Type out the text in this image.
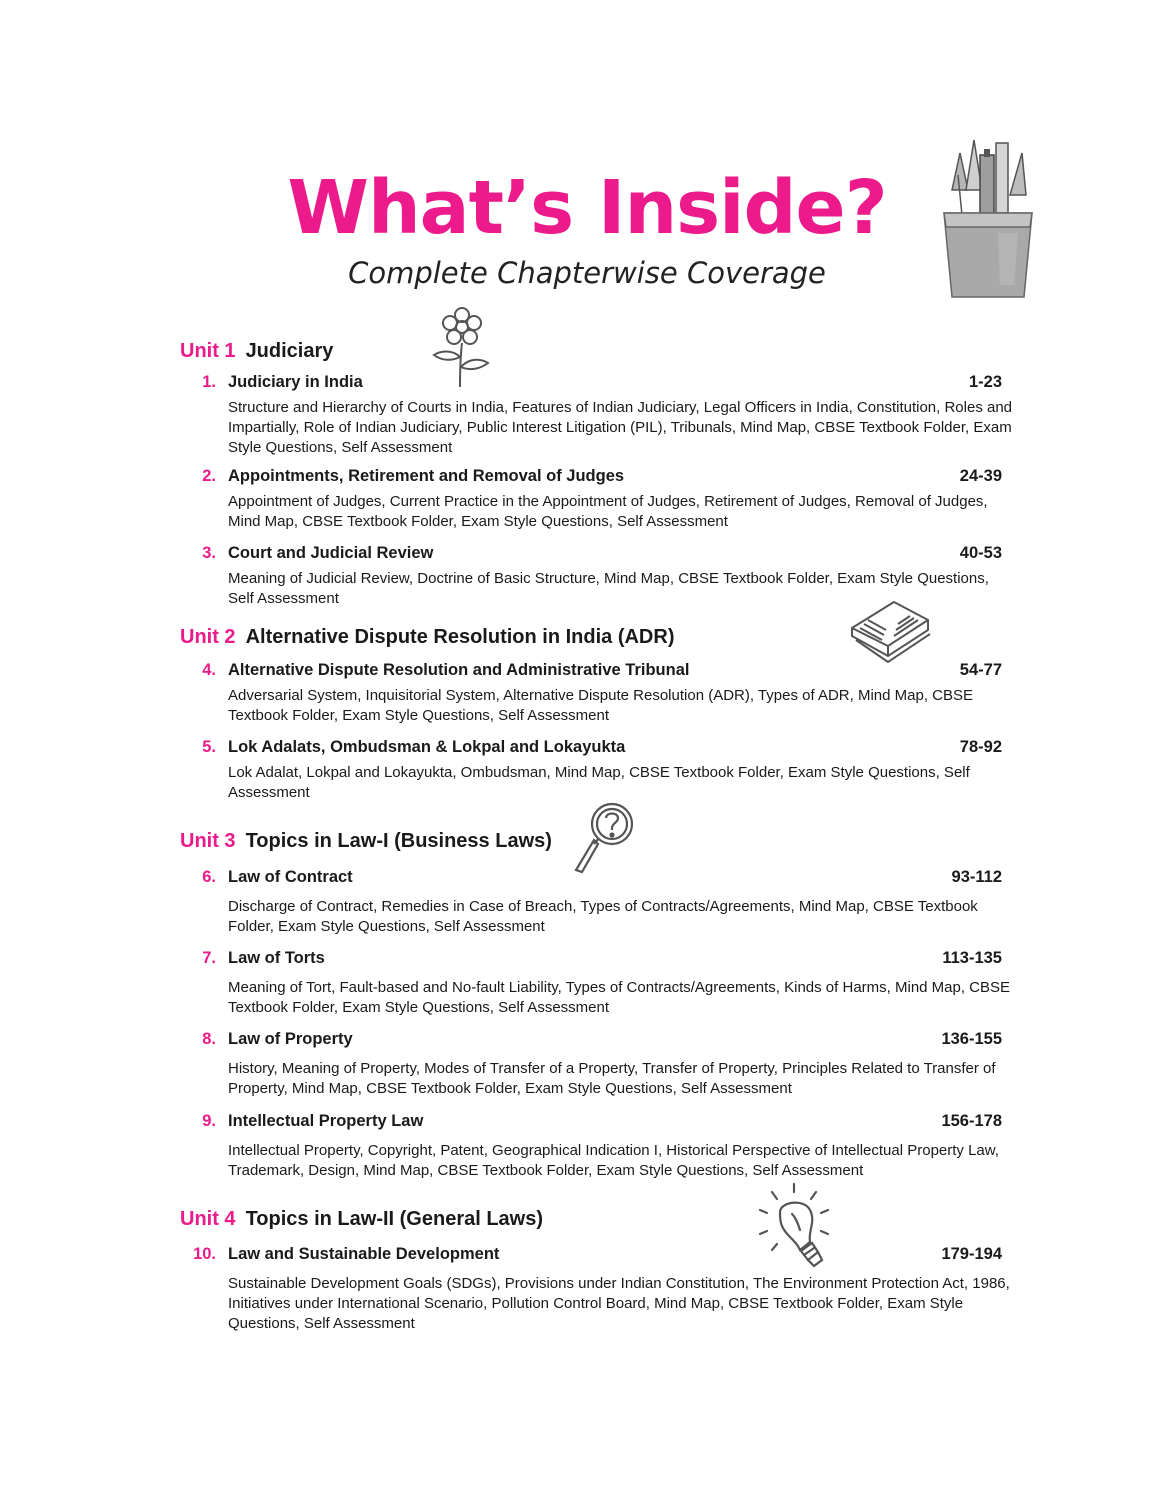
What’s Inside?
Complete Chapterwise Coverage
Unit 1 Judiciary
1. Judiciary in India	1-23
Structure and Hierarchy of Courts in India, Features of Indian Judiciary, Legal Officers in India, Constitution, Roles and Impartially, Role of Indian Judiciary, Public Interest Litigation (PIL), Tribunals, Mind Map, CBSE Textbook Folder, Exam Style Questions, Self Assessment
2. Appointments, Retirement and Removal of Judges	24-39
Appointment of Judges, Current Practice in the Appointment of Judges, Retirement of Judges, Removal of Judges, Mind Map, CBSE Textbook Folder, Exam Style Questions, Self Assessment
3. Court and Judicial Review	40-53
Meaning of Judicial Review, Doctrine of Basic Structure, Mind Map, CBSE Textbook Folder, Exam Style Questions, Self Assessment
Unit 2 Alternative Dispute Resolution in India (ADR)
4. Alternative Dispute Resolution and Administrative Tribunal	54-77
Adversarial System, Inquisitorial System, Alternative Dispute Resolution (ADR), Types of ADR, Mind Map, CBSE Textbook Folder, Exam Style Questions, Self Assessment
5. Lok Adalats, Ombudsman & Lokpal and Lokayukta	78-92
Lok Adalat, Lokpal and Lokayukta, Ombudsman, Mind Map, CBSE Textbook Folder, Exam Style Questions, Self Assessment
Unit 3 Topics in Law-I (Business Laws)
6. Law of Contract	93-112
Discharge of Contract, Remedies in Case of Breach, Types of Contracts/Agreements, Mind Map, CBSE Textbook Folder, Exam Style Questions, Self Assessment
7. Law of Torts	113-135
Meaning of Tort, Fault-based and No-fault Liability, Types of Contracts/Agreements, Kinds of Harms, Mind Map, CBSE Textbook Folder, Exam Style Questions, Self Assessment
8. Law of Property	136-155
History, Meaning of Property, Modes of Transfer of a Property, Transfer of Property, Principles Related to Transfer of Property, Mind Map, CBSE Textbook Folder, Exam Style Questions, Self Assessment
9. Intellectual Property Law	156-178
Intellectual Property, Copyright, Patent, Geographical Indication I, Historical Perspective of Intellectual Property Law, Trademark, Design, Mind Map, CBSE Textbook Folder, Exam Style Questions, Self Assessment
Unit 4 Topics in Law-II (General Laws)
10. Law and Sustainable Development	179-194
Sustainable Development Goals (SDGs), Provisions under Indian Constitution, The Environment Protection Act, 1986, Initiatives under International Scenario, Pollution Control Board, Mind Map, CBSE Textbook Folder, Exam Style Questions, Self Assessment
